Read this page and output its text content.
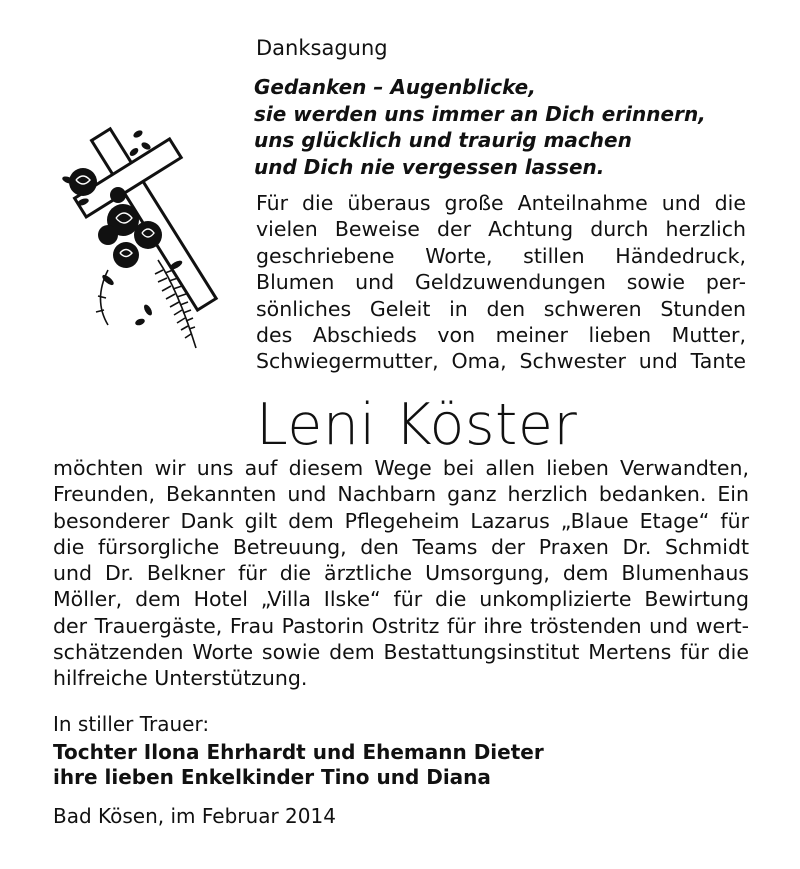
Danksagung
Gedanken – Augenblicke,
sie werden uns immer an Dich erinnern,
uns glücklich und traurig machen
und Dich nie vergessen lassen.
Für die überaus große Anteilnahme und die
vielen Beweise der Achtung durch herzlich
geschriebene Worte, stillen Händedruck,
Blumen und Geldzuwendungen sowie per-
sönliches Geleit in den schweren Stunden
des Abschieds von meiner lieben Mutter,
Schwiegermutter, Oma, Schwester und Tante
Leni Köster
möchten wir uns auf diesem Wege bei allen lieben Verwandten,
Freunden, Bekannten und Nachbarn ganz herzlich bedanken. Ein
besonderer Dank gilt dem Pflegeheim Lazarus „Blaue Etage“ für
die fürsorgliche Betreuung, den Teams der Praxen Dr. Schmidt
und Dr. Belkner für die ärztliche Umsorgung, dem Blumenhaus
Möller, dem Hotel „Villa Ilske“ für die unkomplizierte Bewirtung
der Trauergäste, Frau Pastorin Ostritz für ihre tröstenden und wert-
schätzenden Worte sowie dem Bestattungsinstitut Mertens für die
hilfreiche Unterstützung.
In stiller Trauer:
Tochter Ilona Ehrhardt und Ehemann Dieter
ihre lieben Enkelkinder Tino und Diana
Bad Kösen, im Februar 2014
